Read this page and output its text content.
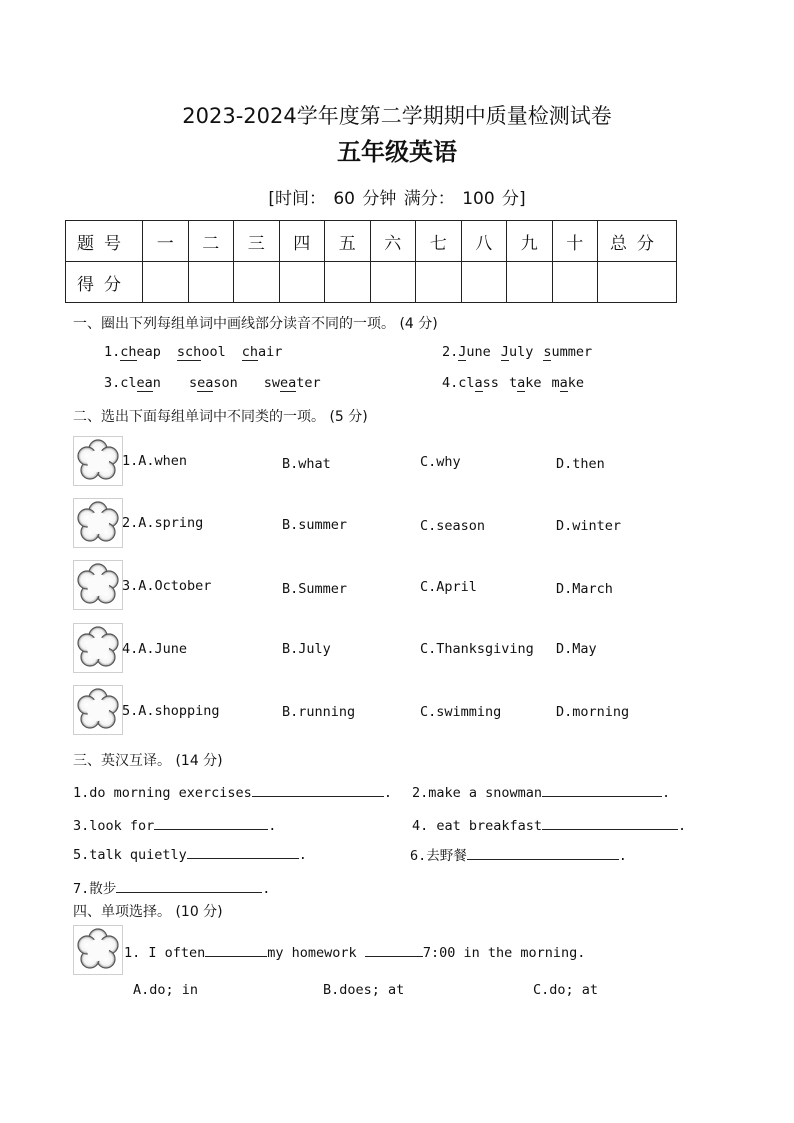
2023-2024学年度第二学期期中质量检测试卷
五年级英语
[时间： 60 分钟 满分： 100 分]
题号	一	二	三	四	五	六	七	八	九	十	总分
得分											
一、圈出下列每组单词中画线部分读音不同的一项。 (4 分)
1.cheap school chair	2.June July summer
3.clean season sweater	4.class take make
二、选出下面每组单词中不同类的一项。 (5 分)
1.A.when	B.what	C.why	D.then
2.A.spring	B.summer	C.season	D.winter
3.A.October	B.Summer	C.April	D.March
4.A.June	B.July	C.Thanksgiving D.May
5.A.shopping	B.running	C.swimming	D.morning
三、英汉互译。 (14 分)
1.do morning exercises	. 2.make a snowman	.
3.look for	.	4. eat breakfast	.
5.talk quietly	.	6.去野餐	.
7.散步	.
四、单项选择。 (10 分)
1. I often	my homework	7:00 in the morning.
A.do; in	B.does; at	C.do; at
